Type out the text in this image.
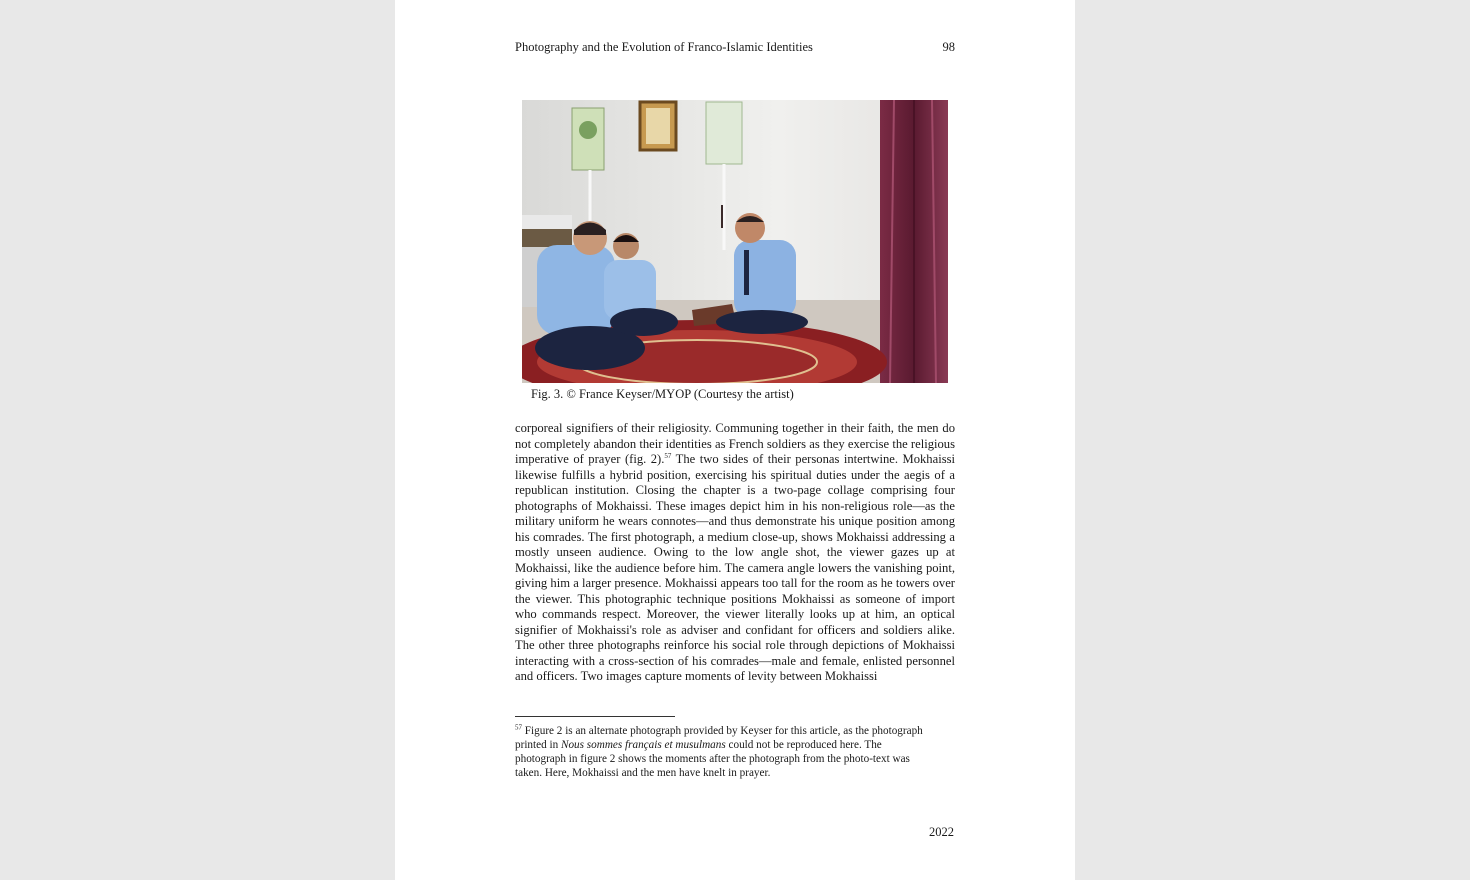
Photography and the Evolution of Franco-Islamic Identities	98
Fig. 3. © France Keyser/MYOP (Courtesy the artist)

corporeal signifiers of their religiosity. Communing together in their faith, the men do not completely abandon their identities as French soldiers as they exercise the religious imperative of prayer (fig. 2).$^{57}$ The two sides of their personas intertwine. Mokhaissi likewise fulfills a hybrid position, exercising his spiritual duties under the aegis of a republican institution. Closing the chapter is a two-page collage comprising four photographs of Mokhaissi. These images depict him in his non-religious role—as the military uniform he wears connotes—and thus demonstrate his unique position among his comrades. The first photograph, a medium close-up, shows Mokhaissi addressing a mostly unseen audience. Owing to the low angle shot, the viewer gazes up at Mokhaissi, like the audience before him. The camera angle lowers the vanishing point, giving him a larger presence. Mokhaissi appears too tall for the room as he towers over the viewer. This photographic technique positions Mokhaissi as someone of import who commands respect. Moreover, the viewer literally looks up at him, an optical signifier of Mokhaissi's role as adviser and confidant for officers and soldiers alike. The other three photographs reinforce his social role through depictions of Mokhaissi interacting with a cross-section of his comrades—male and female, enlisted personnel and officers. Two images capture moments of levity between Mokhaissi

$^{57}$ Figure 2 is an alternate photograph provided by Keyser for this article, as the photograph printed in Nous sommes français et musulmans could not be reproduced here. The photograph in figure 2 shows the moments after the photograph from the photo-text was taken. Here, Mokhaissi and the men have knelt in prayer.

2022
